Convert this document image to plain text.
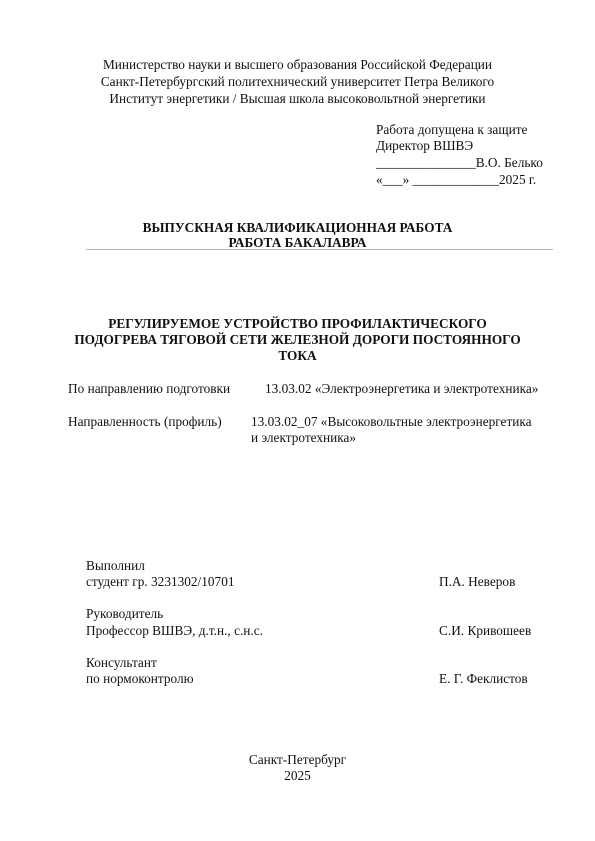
Министерство науки и высшего образования Российской Федерации
Санкт-Петербургский политехнический университет Петра Великого
Институт энергетики / Высшая школа высоковольтной энергетики
Работа допущена к защите
Директор ВШВЭ
_______________В.О. Белько
«___» _____________2025 г.
ВЫПУСКНАЯ КВАЛИФИКАЦИОННАЯ РАБОТА
РАБОТА БАКАЛАВРА
РЕГУЛИРУЕМОЕ УСТРОЙСТВО ПРОФИЛАКТИЧЕСКОГО
ПОДОГРЕВА ТЯГОВОЙ СЕТИ ЖЕЛЕЗНОЙ ДОРОГИ ПОСТОЯННОГО
ТОКА
По направлению подготовки	13.03.02 «Электроэнергетика и электротехника»
Направленность (профиль) 13.03.02_07 «Высоковольтные электроэнергетика
и электротехника»
Выполнил
студент гр. 3231302/10701	П.А. Неверов
Руководитель
Профессор ВШВЭ, д.т.н., с.н.с.	С.И. Кривошеев
Консультант
по нормоконтролю	Е. Г. Феклистов
Санкт-Петербург
2025
